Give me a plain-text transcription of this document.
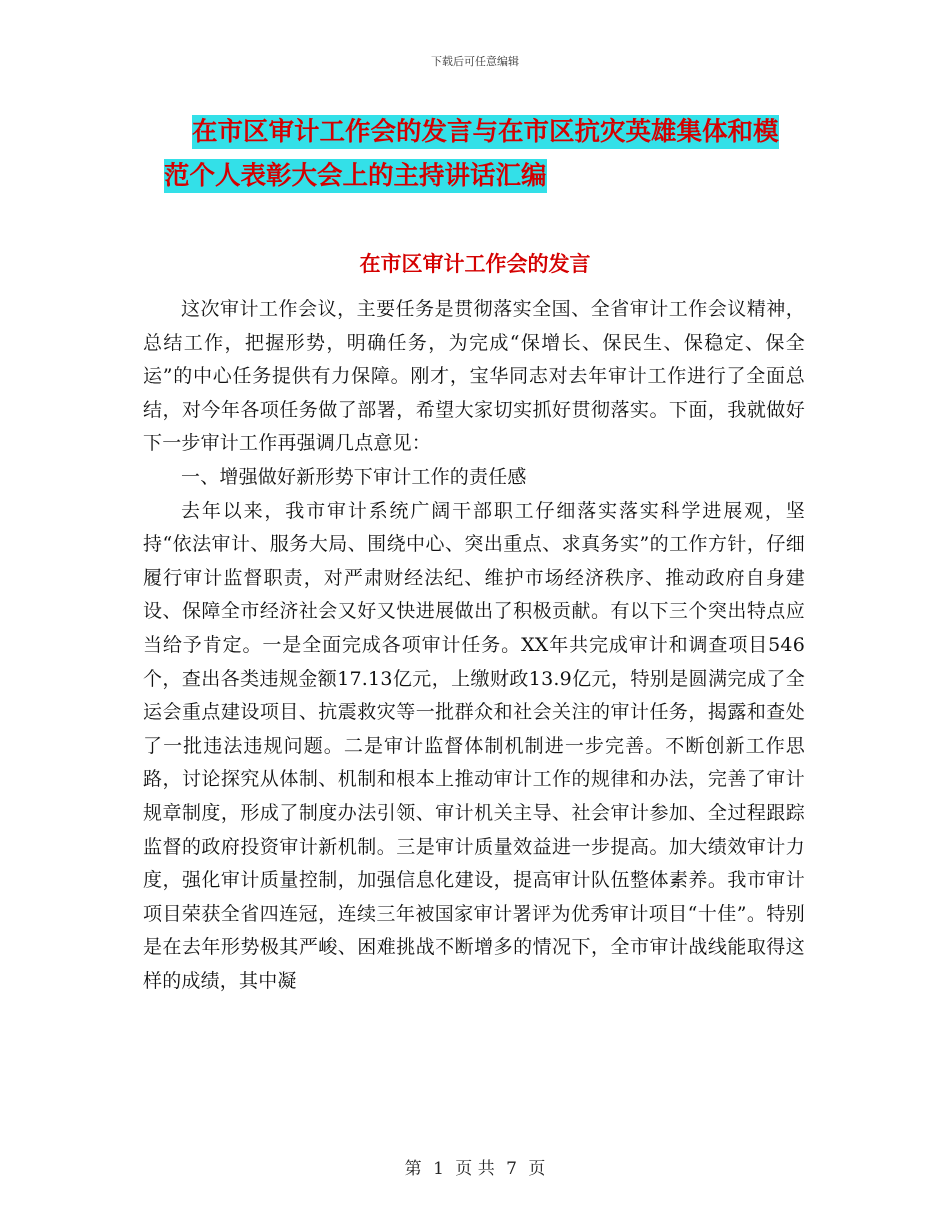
下载后可任意编辑
在市区审计工作会的发言与在市区抗灾英雄集体和模
范个人表彰大会上的主持讲话汇编
在市区审计工作会的发言

这次审计工作会议，主要任务是贯彻落实全国、全省审计工作会议精神，总结工作，把握形势，明确任务，为完成“保增长、保民生、保稳定、保全运”的中心任务提供有力保障。刚才，宝华同志对去年审计工作进行了全面总结，对今年各项任务做了部署，希望大家切实抓好贯彻落实。下面，我就做好下一步审计工作再强调几点意见：

一、增强做好新形势下审计工作的责任感

去年以来，我市审计系统广阔干部职工仔细落实落实科学进展观，坚持“依法审计、服务大局、围绕中心、突出重点、求真务实”的工作方针，仔细履行审计监督职责，对严肃财经法纪、维护市场经济秩序、推动政府自身建设、保障全市经济社会又好又快进展做出了积极贡献。有以下三个突出特点应当给予肯定。一是全面完成各项审计任务。XX年共完成审计和调查项目546个，查出各类违规金额17.13亿元，上缴财政13.9亿元，特别是圆满完成了全运会重点建设项目、抗震救灾等一批群众和社会关注的审计任务，揭露和查处了一批违法违规问题。二是审计监督体制机制进一步完善。不断创新工作思路，讨论探究从体制、机制和根本上推动审计工作的规律和办法，完善了审计规章制度，形成了制度办法引领、审计机关主导、社会审计参加、全过程跟踪监督的政府投资审计新机制。三是审计质量效益进一步提高。加大绩效审计力度，强化审计质量控制，加强信息化建设，提高审计队伍整体素养。我市审计项目荣获全省四连冠，连续三年被国家审计署评为优秀审计项目“十佳”。特别是在去年形势极其严峻、困难挑战不断增多的情况下，全市审计战线能取得这样的成绩，其中凝

第 1 页 共 7 页
